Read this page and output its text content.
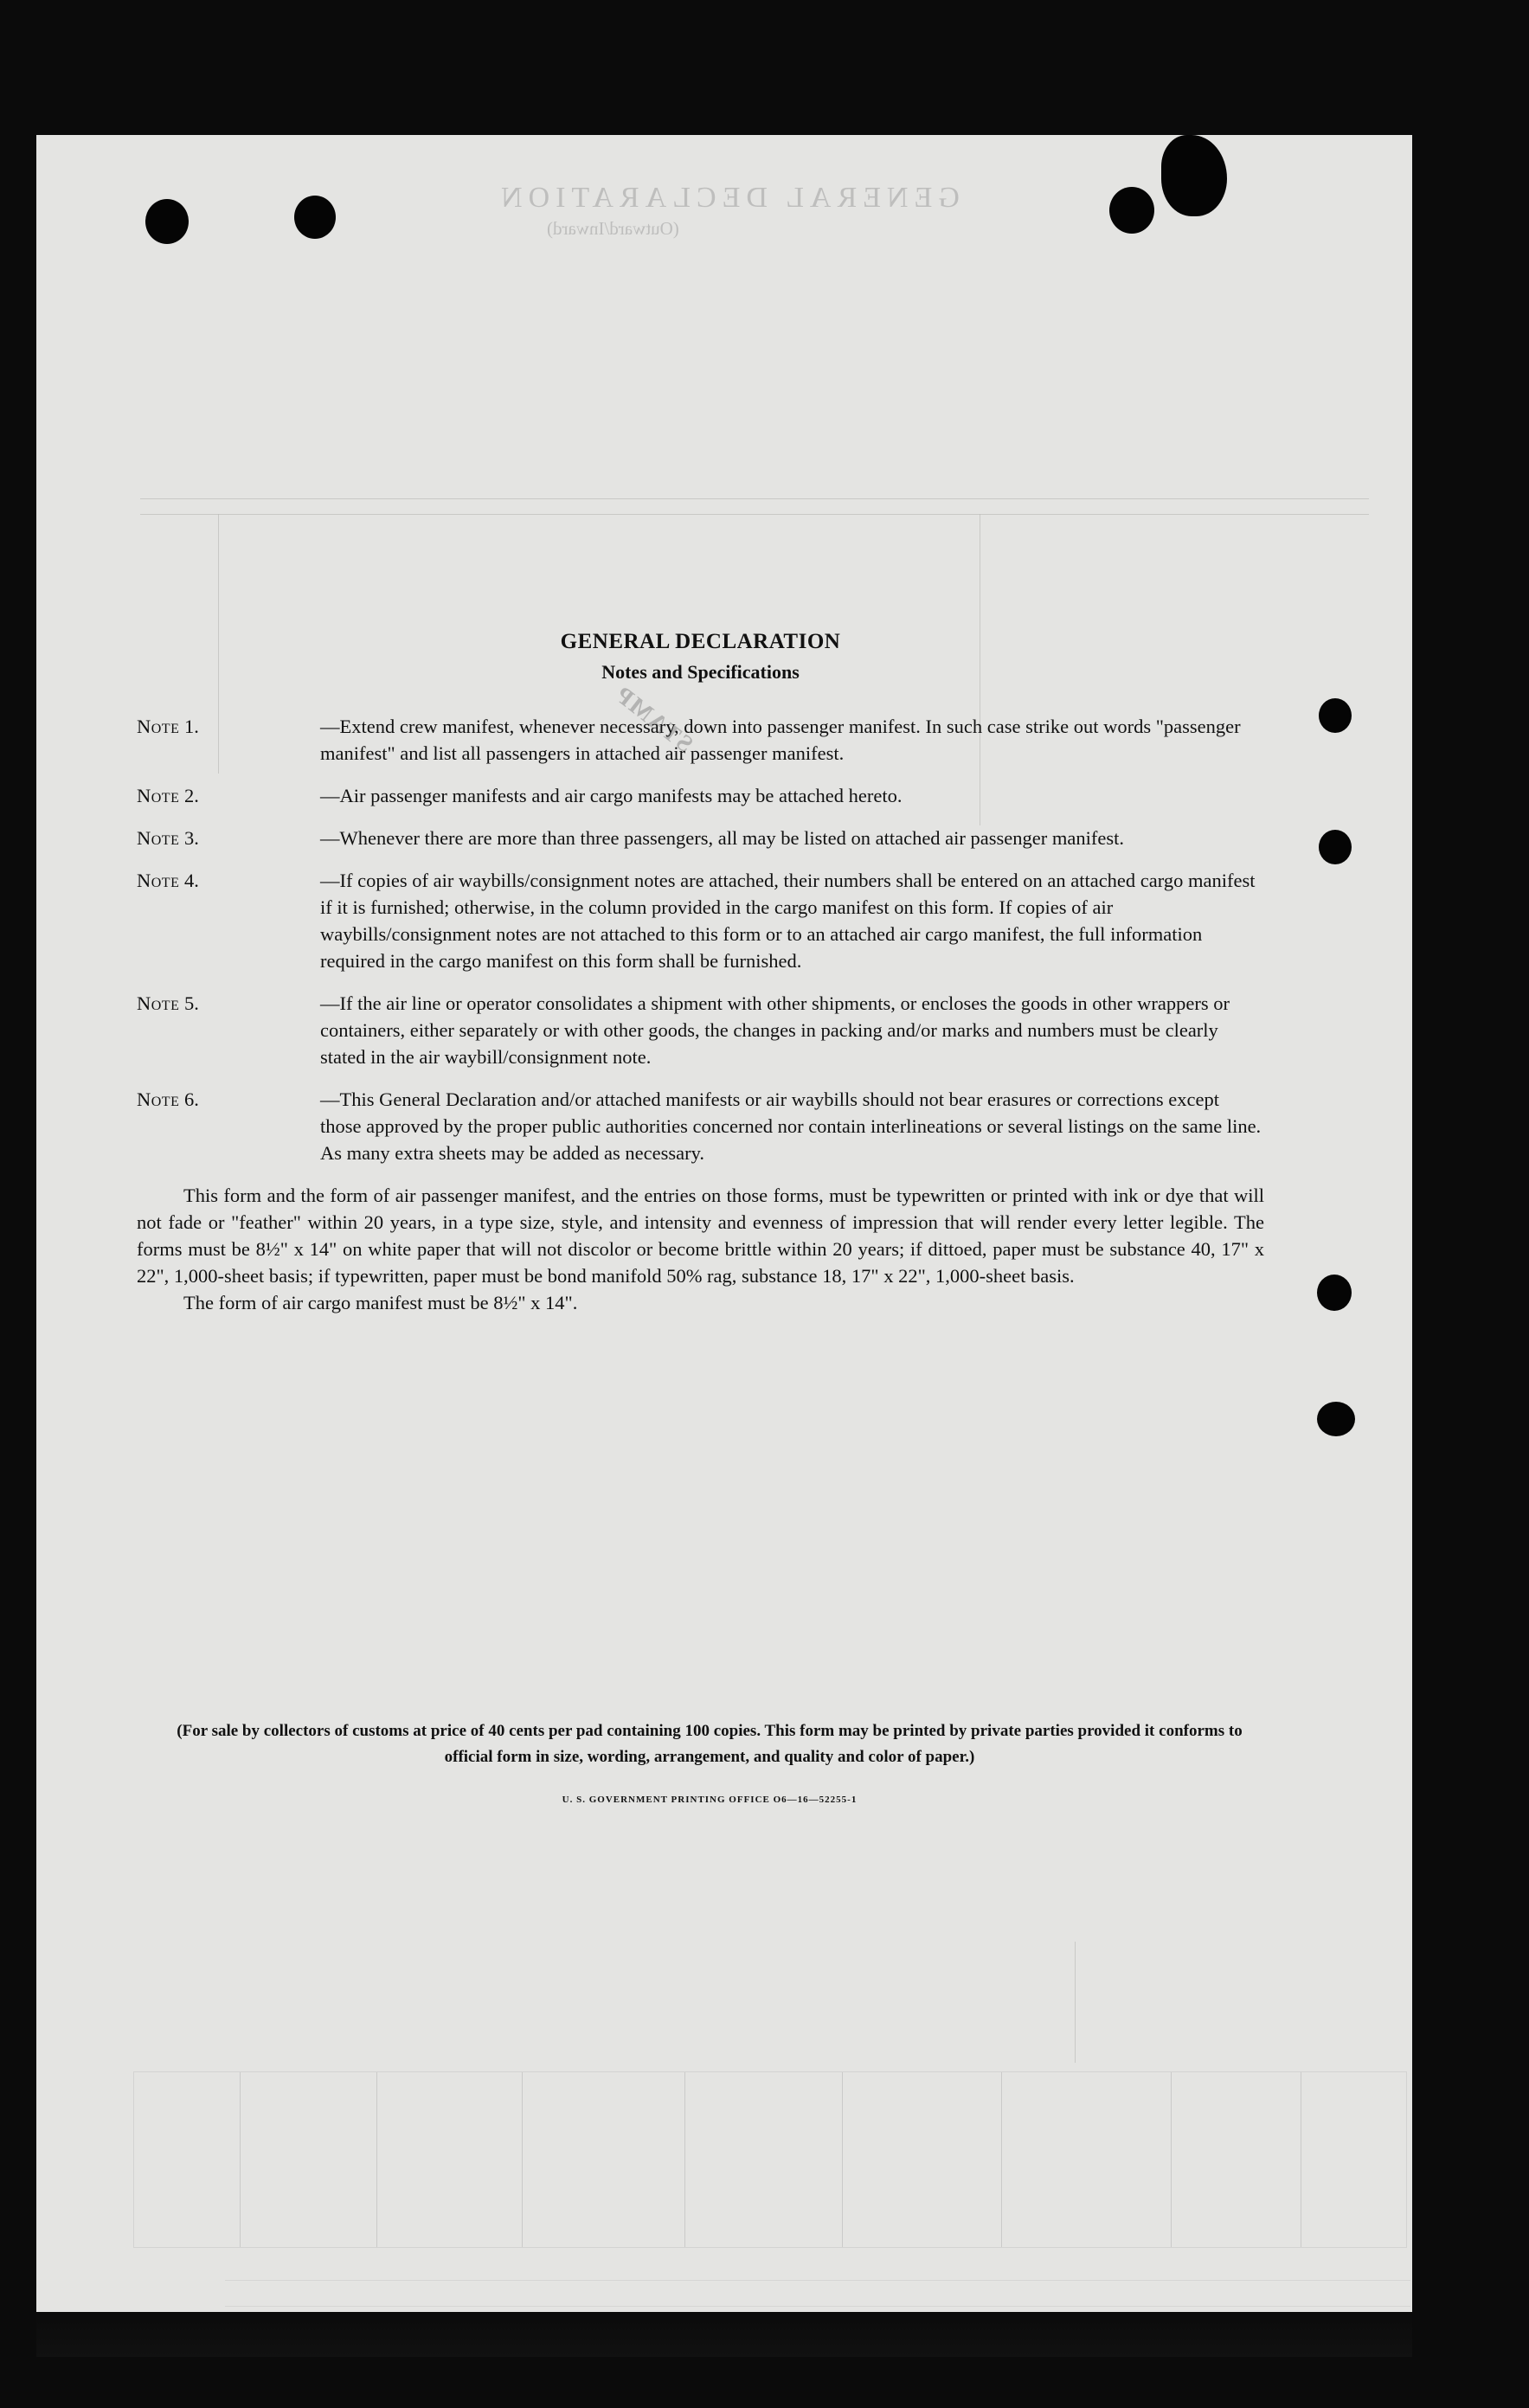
GENERAL DECLARATION
(Outward/Inward)
STAMP
GENERAL DECLARATION
Notes and Specifications
Note 1.	—Extend crew manifest, whenever necessary, down into passenger manifest. In such case strike out words "passenger manifest" and list all passengers in attached air passenger manifest.
Note 2.	—Air passenger manifests and air cargo manifests may be attached hereto.
Note 3.	—Whenever there are more than three passengers, all may be listed on attached air passenger manifest.
Note 4.	—If copies of air waybills/consignment notes are attached, their numbers shall be entered on an attached cargo manifest if it is furnished; otherwise, in the column provided in the cargo manifest on this form. If copies of air waybills/consignment notes are not attached to this form or to an attached air cargo manifest, the full information required in the cargo manifest on this form shall be furnished.
Note 5.	—If the air line or operator consolidates a shipment with other shipments, or encloses the goods in other wrappers or containers, either separately or with other goods, the changes in packing and/or marks and numbers must be clearly stated in the air waybill/consignment note.
Note 6.	—This General Declaration and/or attached manifests or air waybills should not bear erasures or corrections except those approved by the proper public authorities concerned nor contain interlineations or several listings on the same line. As many extra sheets may be added as necessary.

This form and the form of air passenger manifest, and the entries on those forms, must be typewritten or printed with ink or dye that will not fade or "feather" within 20 years, in a type size, style, and intensity and evenness of impression that will render every letter legible. The forms must be 8½" x 14" on white paper that will not discolor or become brittle within 20 years; if dittoed, paper must be substance 40, 17" x 22", 1,000-sheet basis; if typewritten, paper must be bond manifold 50% rag, substance 18, 17" x 22", 1,000-sheet basis.

The form of air cargo manifest must be 8½" x 14".

(For sale by collectors of customs at price of 40 cents per pad containing 100 copies. This form may be printed by private parties provided it conforms to official form in size, wording, arrangement, and quality and color of paper.)

U. S. GOVERNMENT PRINTING OFFICE O6—16—52255-1
